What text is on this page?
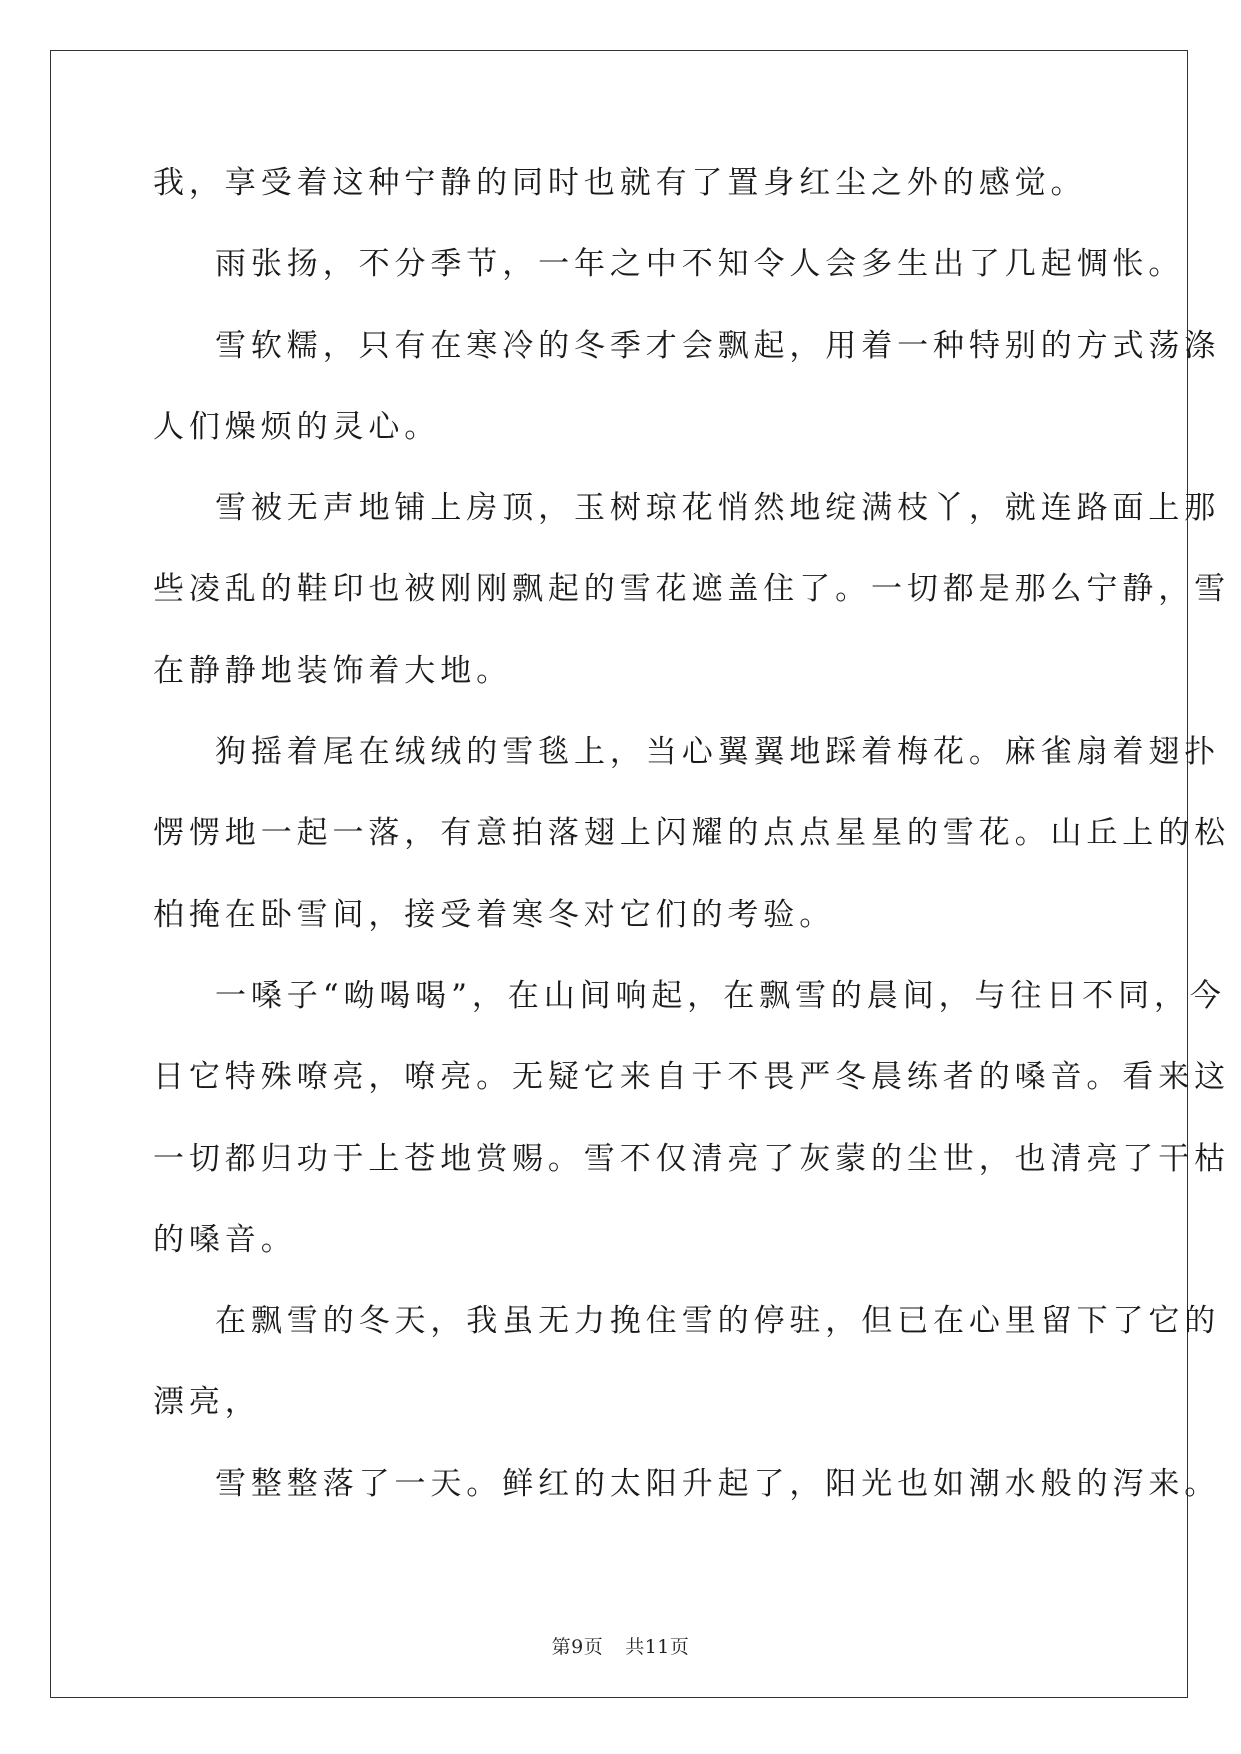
我，享受着这种宁静的同时也就有了置身红尘之外的感觉。
雨张扬，不分季节，一年之中不知令人会多生出了几起惆怅。
雪软糯，只有在寒冷的冬季才会飘起，用着一种特别的方式荡涤
人们燥烦的灵心。
雪被无声地铺上房顶，玉树琼花悄然地绽满枝丫，就连路面上那
些凌乱的鞋印也被刚刚飘起的雪花遮盖住了。一切都是那么宁静，雪
在静静地装饰着大地。
狗摇着尾在绒绒的雪毯上，当心翼翼地踩着梅花。麻雀扇着翅扑
愣愣地一起一落，有意拍落翅上闪耀的点点星星的雪花。山丘上的松
柏掩在卧雪间，接受着寒冬对它们的考验。
一嗓子“呦喝喝”，在山间响起，在飘雪的晨间，与往日不同，今
日它特殊嘹亮，嘹亮。无疑它来自于不畏严冬晨练者的嗓音。看来这
一切都归功于上苍地赏赐。雪不仅清亮了灰蒙的尘世，也清亮了干枯
的嗓音。
在飘雪的冬天，我虽无力挽住雪的停驻，但已在心里留下了它的
漂亮，
雪整整落了一天。鲜红的太阳升起了，阳光也如潮水般的泻来。
第9页 共11页
